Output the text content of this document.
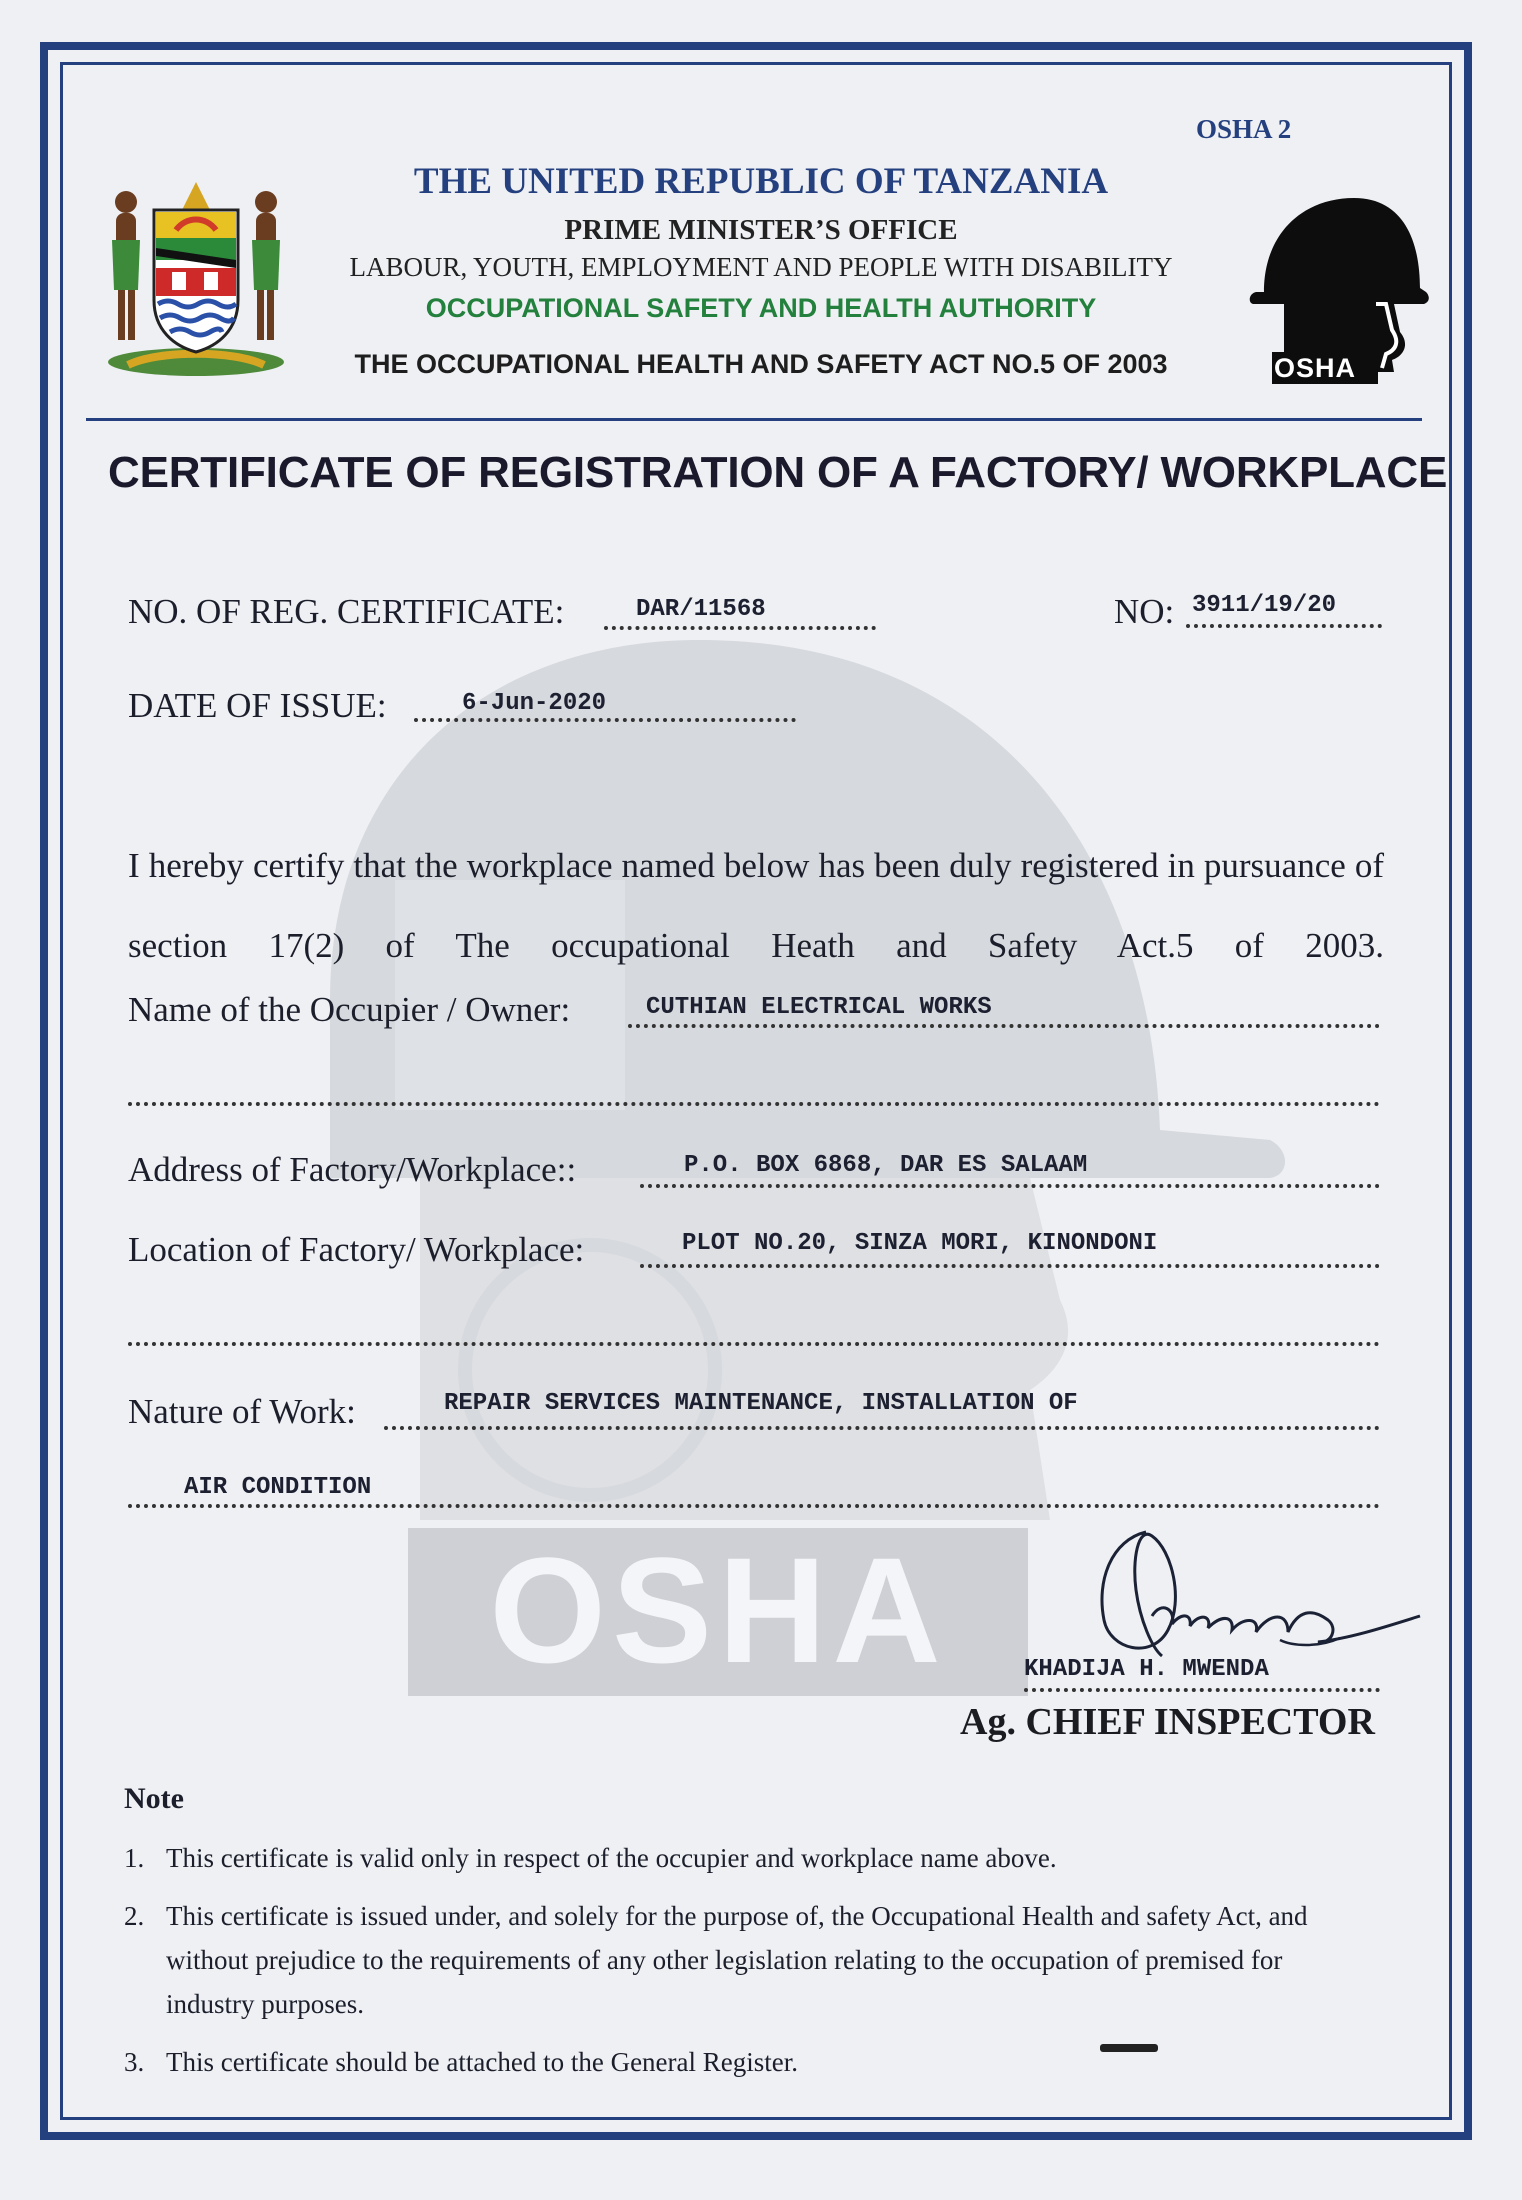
OSHA
OSHA 2
THE UNITED REPUBLIC OF TANZANIA
PRIME MINISTER’S OFFICE
LABOUR, YOUTH, EMPLOYMENT AND PEOPLE WITH DISABILITY
OCCUPATIONAL SAFETY AND HEALTH AUTHORITY
THE OCCUPATIONAL HEALTH AND SAFETY ACT NO.5 OF 2003	OSHA
CERTIFICATE OF REGISTRATION OF A FACTORY/ WORKPLACE
NO. OF REG. CERTIFICATE:	DAR/11568	NO: 3911/19/20
DATE OF ISSUE:	6-Jun-2020
I hereby certify that the workplace named below has been duly registered in pursuance of section 17(2) of The occupational Heath and Safety Act.5 of 2003.
Name of the Occupier / Owner:	CUTHIAN ELECTRICAL WORKS
Address of Factory/Workplace::	P.O. BOX 6868, DAR ES SALAAM
Location of Factory/ Workplace:	PLOT NO.20, SINZA MORI, KINONDONI
Nature of Work:	REPAIR SERVICES MAINTENANCE, INSTALLATION OF
AIR CONDITION
KHADIJA H. MWENDA
Ag. CHIEF INSPECTOR
Note
1. This certificate is valid only in respect of the occupier and workplace name above.
2. This certificate is issued under, and solely for the purpose of, the Occupational Health and safety Act, and without prejudice to the requirements of any other legislation relating to the occupation of premised for industry purposes.
3. This certificate should be attached to the General Register.
